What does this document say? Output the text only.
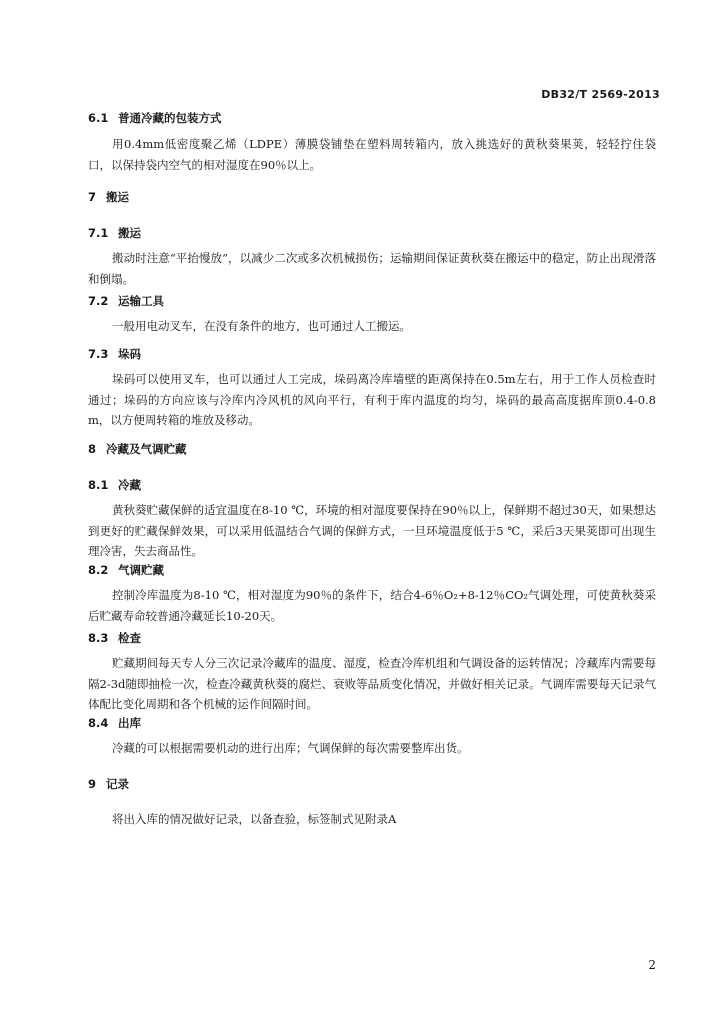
DB32/T 2569-2013
6.1 普通冷藏的包装方式
用0.4mm低密度聚乙烯（LDPE）薄膜袋铺垫在塑料周转箱内，放入挑选好的黄秋葵果荚，轻轻拧住袋口，以保持袋内空气的相对湿度在90％以上。
7 搬运
7.1 搬运
搬动时注意“平抬慢放”，以减少二次或多次机械损伤；运输期间保证黄秋葵在搬运中的稳定，防止出现滑落和倒塌。
7.2 运输工具
一般用电动叉车，在没有条件的地方，也可通过人工搬运。
7.3 垛码
垛码可以使用叉车，也可以通过人工完成，垛码离冷库墙壁的距离保持在0.5m左右，用于工作人员检查时通过；垛码的方向应该与冷库内冷风机的风向平行，有利于库内温度的均匀，垛码的最高高度据库顶0.4-0.8 m，以方便周转箱的堆放及移动。
8 冷藏及气调贮藏
8.1 冷藏
黄秋葵贮藏保鲜的适宜温度在8-10 ℃，环境的相对湿度要保持在90％以上，保鲜期不超过30天，如果想达到更好的贮藏保鲜效果，可以采用低温结合气调的保鲜方式，一旦环境温度低于5 ℃，采后3天果荚即可出现生理冷害，失去商品性。
8.2 气调贮藏
控制冷库温度为8-10 ℃，相对湿度为90％的条件下，结合4-6％O₂+8-12％CO₂气调处理，可使黄秋葵采后贮藏寿命较普通冷藏延长10-20天。
8.3 检查
贮藏期间每天专人分三次记录冷藏库的温度、湿度，检查冷库机组和气调设备的运转情况；冷藏库内需要每隔2-3d随即抽检一次，检查冷藏黄秋葵的腐烂、衰败等品质变化情况，并做好相关记录。气调库需要每天记录气体配比变化周期和各个机械的运作间隔时间。
8.4 出库
冷藏的可以根据需要机动的进行出库；气调保鲜的每次需要整库出货。
9 记录
将出入库的情况做好记录，以备查验，标签制式见附录A
2
